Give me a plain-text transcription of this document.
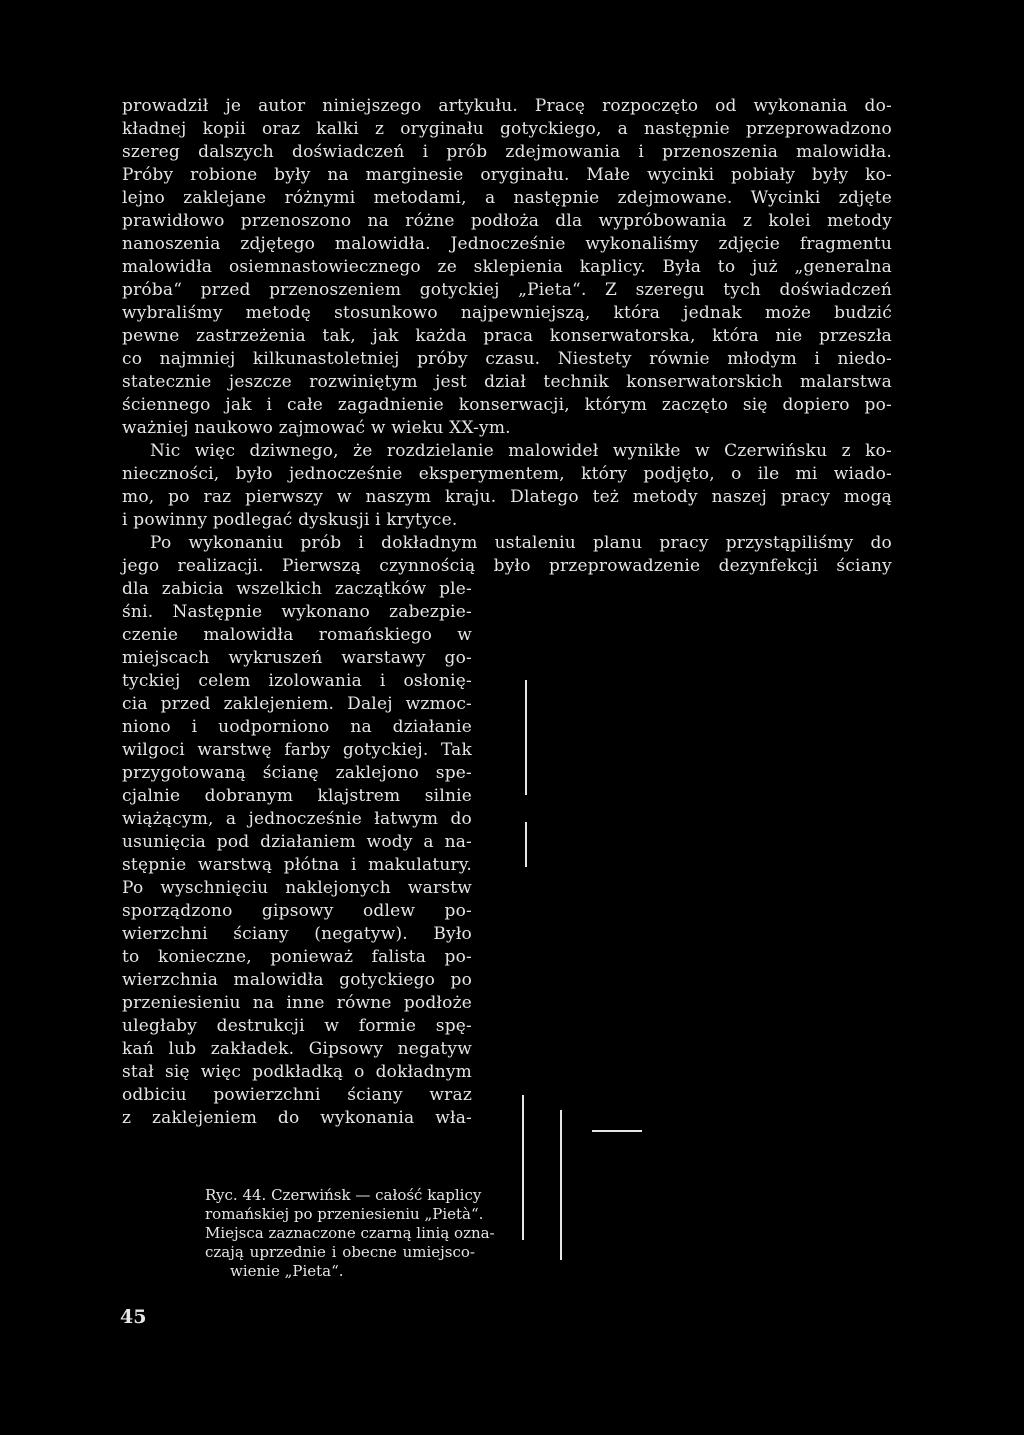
prowadził je autor niniejszego artykułu. Pracę rozpoczęto od wykonania do-
kładnej kopii oraz kalki z oryginału gotyckiego, a następnie przeprowadzono
szereg dalszych doświadczeń i prób zdejmowania i przenoszenia malowidła.
Próby robione były na marginesie oryginału. Małe wycinki pobiały były ko-
lejno zaklejane różnymi metodami, a następnie zdejmowane. Wycinki zdjęte
prawidłowo przenoszono na różne podłoża dla wypróbowania z kolei metody
nanoszenia zdjętego malowidła. Jednocześnie wykonaliśmy zdjęcie fragmentu
malowidła osiemnastowiecznego ze sklepienia kaplicy. Była to już „generalna
próba“ przed przenoszeniem gotyckiej „Pieta“. Z szeregu tych doświadczeń
wybraliśmy metodę stosunkowo najpewniejszą, która jednak może budzić
pewne zastrzeżenia tak, jak każda praca konserwatorska, która nie przeszła
co najmniej kilkunastoletniej próby czasu. Niestety równie młodym i niedo-
statecznie jeszcze rozwiniętym jest dział technik konserwatorskich malarstwa
ściennego jak i całe zagadnienie konserwacji, którym zaczęto się dopiero po-
ważniej naukowo zajmować w wieku XX-ym.
Nic więc dziwnego, że rozdzielanie malowideł wynikłe w Czerwińsku z ko-
nieczności, było jednocześnie eksperymentem, który podjęto, o ile mi wiado-
mo, po raz pierwszy w naszym kraju. Dlatego też metody naszej pracy mogą
i powinny podlegać dyskusji i krytyce.
Po wykonaniu prób i dokładnym ustaleniu planu pracy przystąpiliśmy do
jego realizacji. Pierwszą czynnością było przeprowadzenie dezynfekcji ściany
dla zabicia wszelkich zaczątków ple-
śni. Następnie wykonano zabezpie-
czenie malowidła romańskiego w
miejscach wykruszeń warstawy go-
tyckiej celem izolowania i osłonię-
cia przed zaklejeniem. Dalej wzmoc-
niono i uodporniono na działanie
wilgoci warstwę farby gotyckiej. Tak
przygotowaną ścianę zaklejono spe-
cjalnie dobranym klajstrem silnie
wiążącym, a jednocześnie łatwym do
usunięcia pod działaniem wody a na-
stępnie warstwą płótna i makulatury.
Po wyschnięciu naklejonych warstw
sporządzono gipsowy odlew po-
wierzchni ściany (negatyw). Było
to konieczne, ponieważ falista po-
wierzchnia malowidła gotyckiego po
przeniesieniu na inne równe podłoże
uległaby destrukcji w formie spę-
kań lub zakładek. Gipsowy negatyw
stał się więc podkładką o dokładnym
odbiciu powierzchni ściany wraz
z zaklejeniem do wykonania wła-
Ryc. 44. Czerwińsk — całość kaplicy
romańskiej po przeniesieniu „Pietà“.
Miejsca zaznaczone czarną linią ozna-
czają uprzednie i obecne umiejsco-
wienie „Pieta“.
45
